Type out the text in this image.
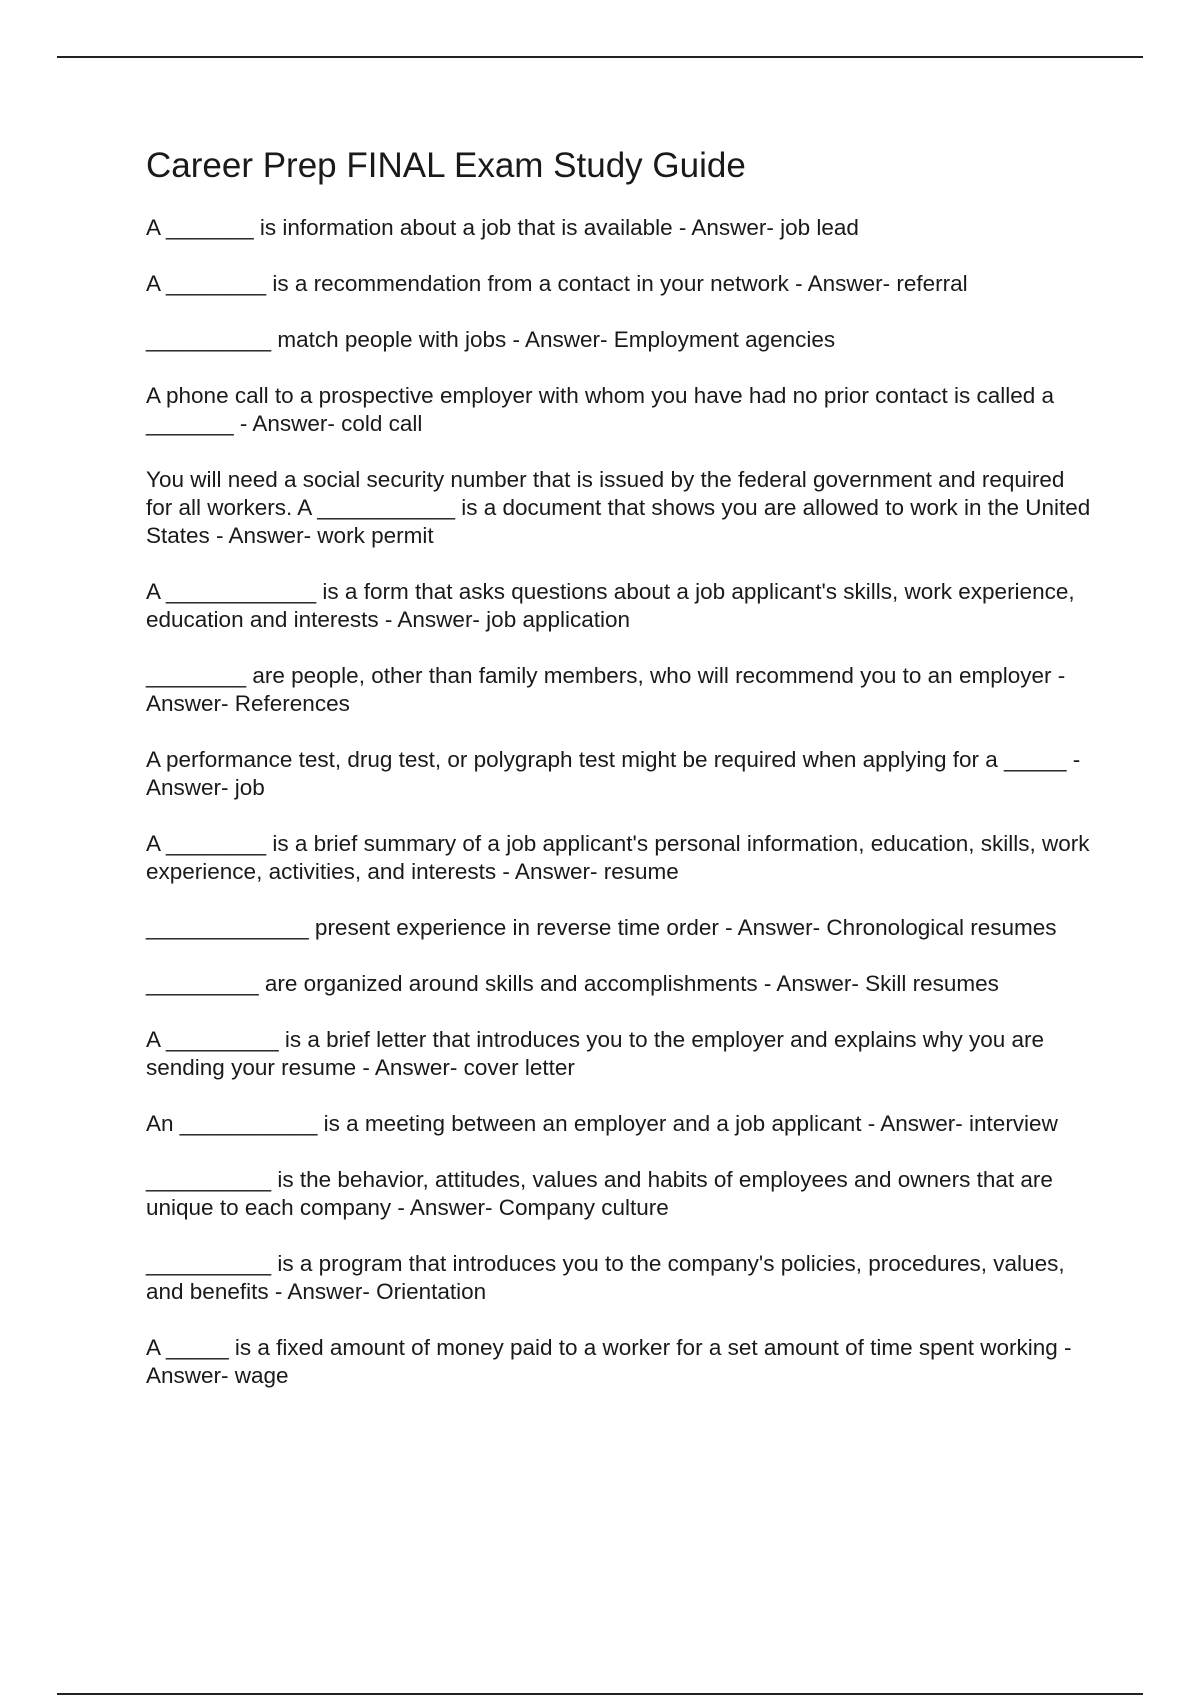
Career Prep FINAL Exam Study Guide

A _______ is information about a job that is available - Answer- job lead

A ________ is a recommendation from a contact in your network - Answer- referral

__________ match people with jobs - Answer- Employment agencies

A phone call to a prospective employer with whom you have had no prior contact is called a _______ - Answer- cold call

You will need a social security number that is issued by the federal government and required for all workers. A ___________ is a document that shows you are allowed to work in the United States - Answer- work permit

A ____________ is a form that asks questions about a job applicant's skills, work experience, education and interests - Answer- job application

________ are people, other than family members, who will recommend you to an employer - Answer- References

A performance test, drug test, or polygraph test might be required when applying for a _____ - Answer- job

A ________ is a brief summary of a job applicant's personal information, education, skills, work experience, activities, and interests - Answer- resume

_____________ present experience in reverse time order - Answer- Chronological resumes

_________ are organized around skills and accomplishments - Answer- Skill resumes

A _________ is a brief letter that introduces you to the employer and explains why you are sending your resume - Answer- cover letter

An ___________ is a meeting between an employer and a job applicant - Answer- interview

__________ is the behavior, attitudes, values and habits of employees and owners that are unique to each company - Answer- Company culture

__________ is a program that introduces you to the company's policies, procedures, values, and benefits - Answer- Orientation

A _____ is a fixed amount of money paid to a worker for a set amount of time spent working - Answer- wage
